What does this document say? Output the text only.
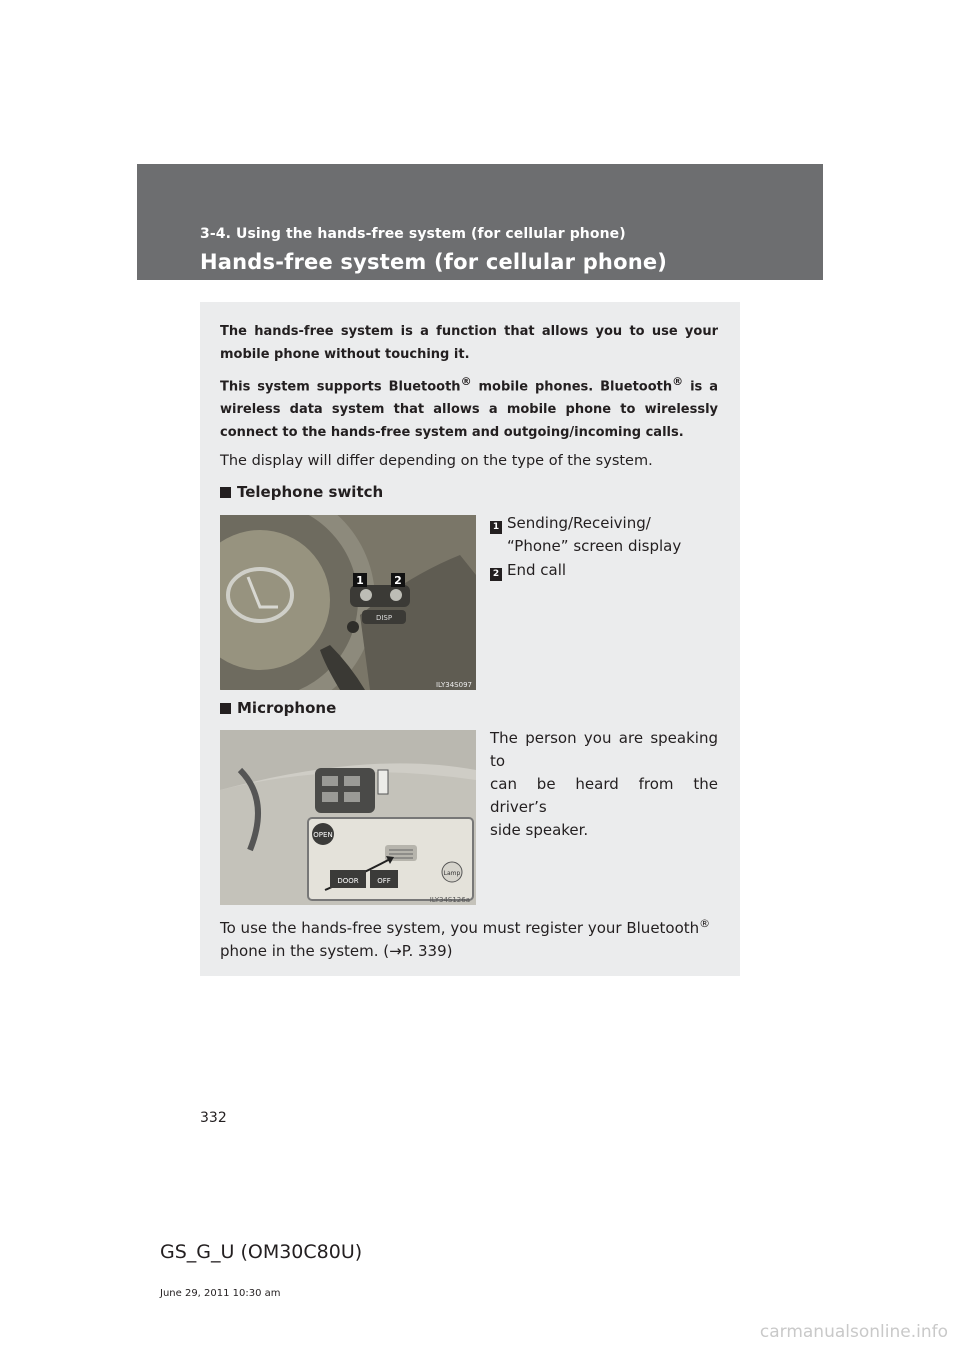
3-4. Using the hands-free system (for cellular phone)
Hands-free system (for cellular phone)

The hands-free system is a function that allows you to use your mobile phone without touching it.

This system supports Bluetooth® mobile phones. Bluetooth® is a wireless data system that allows a mobile phone to wirelessly connect to the hands-free system and outgoing/incoming calls.

The display will differ depending on the type of the system.
Telephone switch
DISP
1	2
ILY34S097
1 Sending/Receiving/
“Phone” screen display
2 End call
Microphone
OPEN
DOOR	OFF
Lamp
ILY34S126a
The person you are speaking to
can be heard from the driver’s
side speaker.
To use the hands-free system, you must register your Bluetooth®
phone in the system. (→P. 339)
332
GS_G_U (OM30C80U)
June 29, 2011 10:30 am
carmanualsonline.info
